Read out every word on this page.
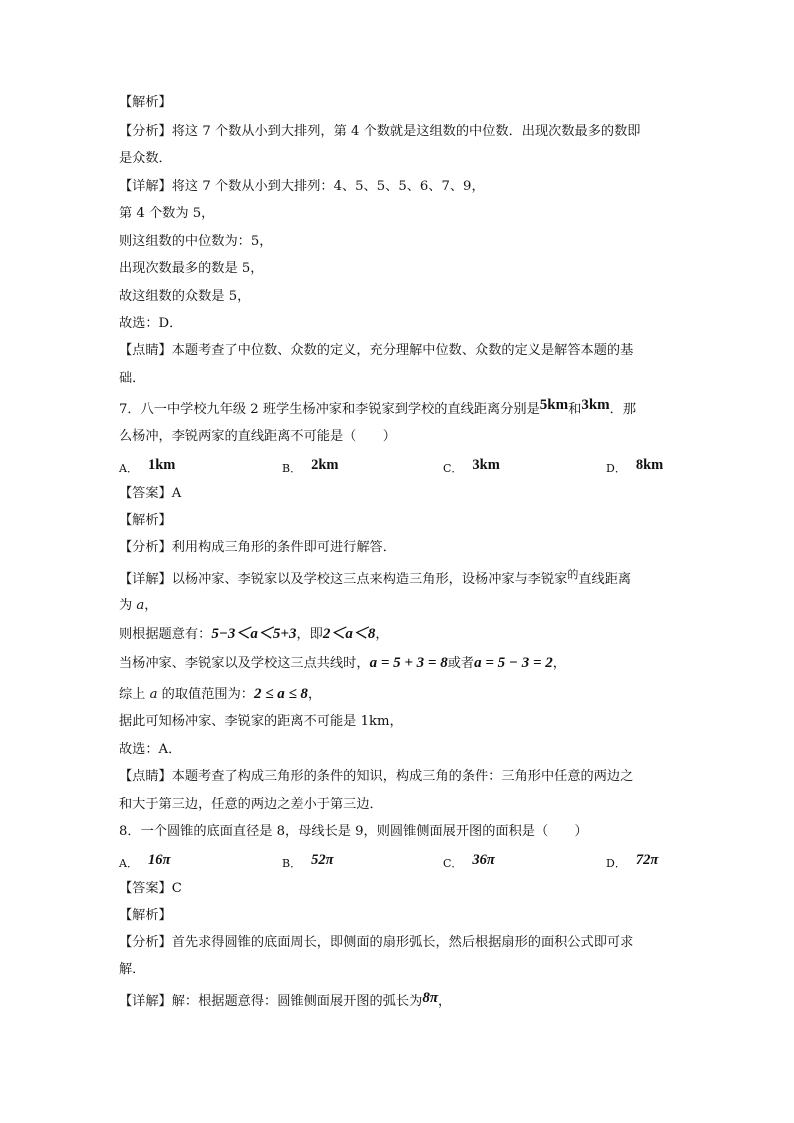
【解析】

【分析】将这 7 个数从小到大排列，第 4 个数就是这组数的中位数．出现次数最多的数即

是众数．

【详解】将这 7 个数从小到大排列：4、5、5、5、6、7、9，

第 4 个数为 5，

则这组数的中位数为：5，

出现次数最多的数是 5，

故这组数的众数是 5，

故选：D．

【点睛】本题考查了中位数、众数的定义，充分理解中位数、众数的定义是解答本题的基

础．

7．八一中学校九年级 2 班学生杨冲家和李锐家到学校的直线距离分别是5km和3km．那

么杨冲，李锐两家的直线距离不可能是（　　）

A． 1km	B． 2km	C． 3km	D． 8km

【答案】A

【解析】

【分析】利用构成三角形的条件即可进行解答．

【详解】以杨冲家、李锐家以及学校这三点来构造三角形，设杨冲家与李锐家$^的$直线距离

为 a，

则根据题意有：5−3＜a＜5+3，即2＜a＜8，

当杨冲家、李锐家以及学校这三点共线时，a = 5 + 3 = 8或者a = 5 − 3 = 2，

综上 a 的取值范围为：2 ≤ a ≤ 8，

据此可知杨冲家、李锐家的距离不可能是 1km，

故选：A．

【点睛】本题考查了构成三角形的条件的知识，构成三角的条件：三角形中任意的两边之

和大于第三边，任意的两边之差小于第三边．

8．一个圆锥的底面直径是 8，母线长是 9，则圆锥侧面展开图的面积是（　　）

A． 16π	B． 52π	C． 36π	D． 72π

【答案】C

【解析】

【分析】首先求得圆锥的底面周长，即侧面的扇形弧长，然后根据扇形的面积公式即可求

解．

【详解】解：根据题意得：圆锥侧面展开图的弧长为8π，
